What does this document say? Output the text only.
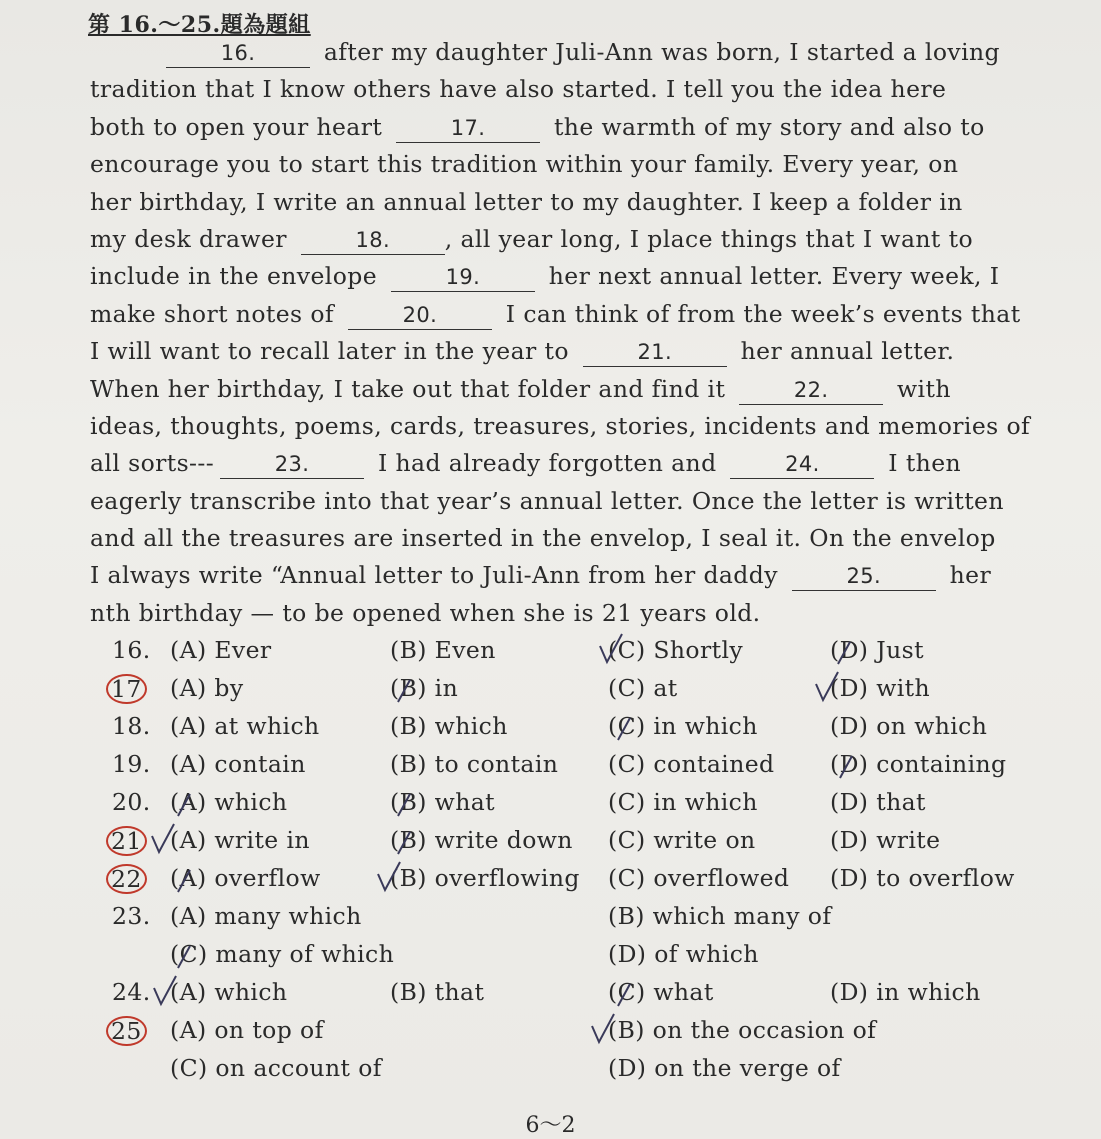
第 16.～25.題為題組
16.	after my daughter Juli-Ann was born, I started a loving
tradition that I know others have also started. I tell you the idea here
both to open your heart	17.	the warmth of my story and also to
encourage you to start this tradition within your family. Every year, on
her birthday, I write an annual letter to my daughter. I keep a folder in
my desk drawer	18. , all year long, I place things that I want to
include in the envelope	19.	her next annual letter. Every week, I
make short notes of	20.	I can think of from the week’s events that
I will want to recall later in the year to	21.	her annual letter.
When her birthday, I take out that folder and find it	22.	with
ideas, thoughts, poems, cards, treasures, stories, incidents and memories of
all sorts---	23.	I had already forgotten and	24.	I then
eagerly transcribe into that year’s annual letter. Once the letter is written
and all the treasures are inserted in the envelop, I seal it. On the envelop
I always write “Annual letter to Juli-Ann from her daddy	25.	her
nth birthday — to be opened when she is 21 years old.
16. (A) Ever	(B) Even	(C) Shortly	(D) Just
17 (A) by	(B) in	(C) at	(D) with
18. (A) at which	(B) which	(C) in which	(D) on which
19. (A) contain	(B) to contain (C) contained (D) containing
20. (A) which	(B) what	(C) in which	(D) that
21 (A) write in	(B) write down (C) write on	(D) write
22 (A) overflow	(B) overflowing (C) overflowed (D) to overflow
23. (A) many which	(B) which many of
(C) many of which	(D) of which
24. (A) which	(B) that	(C) what	(D) in which
25 (A) on top of	(B) on the occasion of
(C) on account of	(D) on the verge of
6～2
